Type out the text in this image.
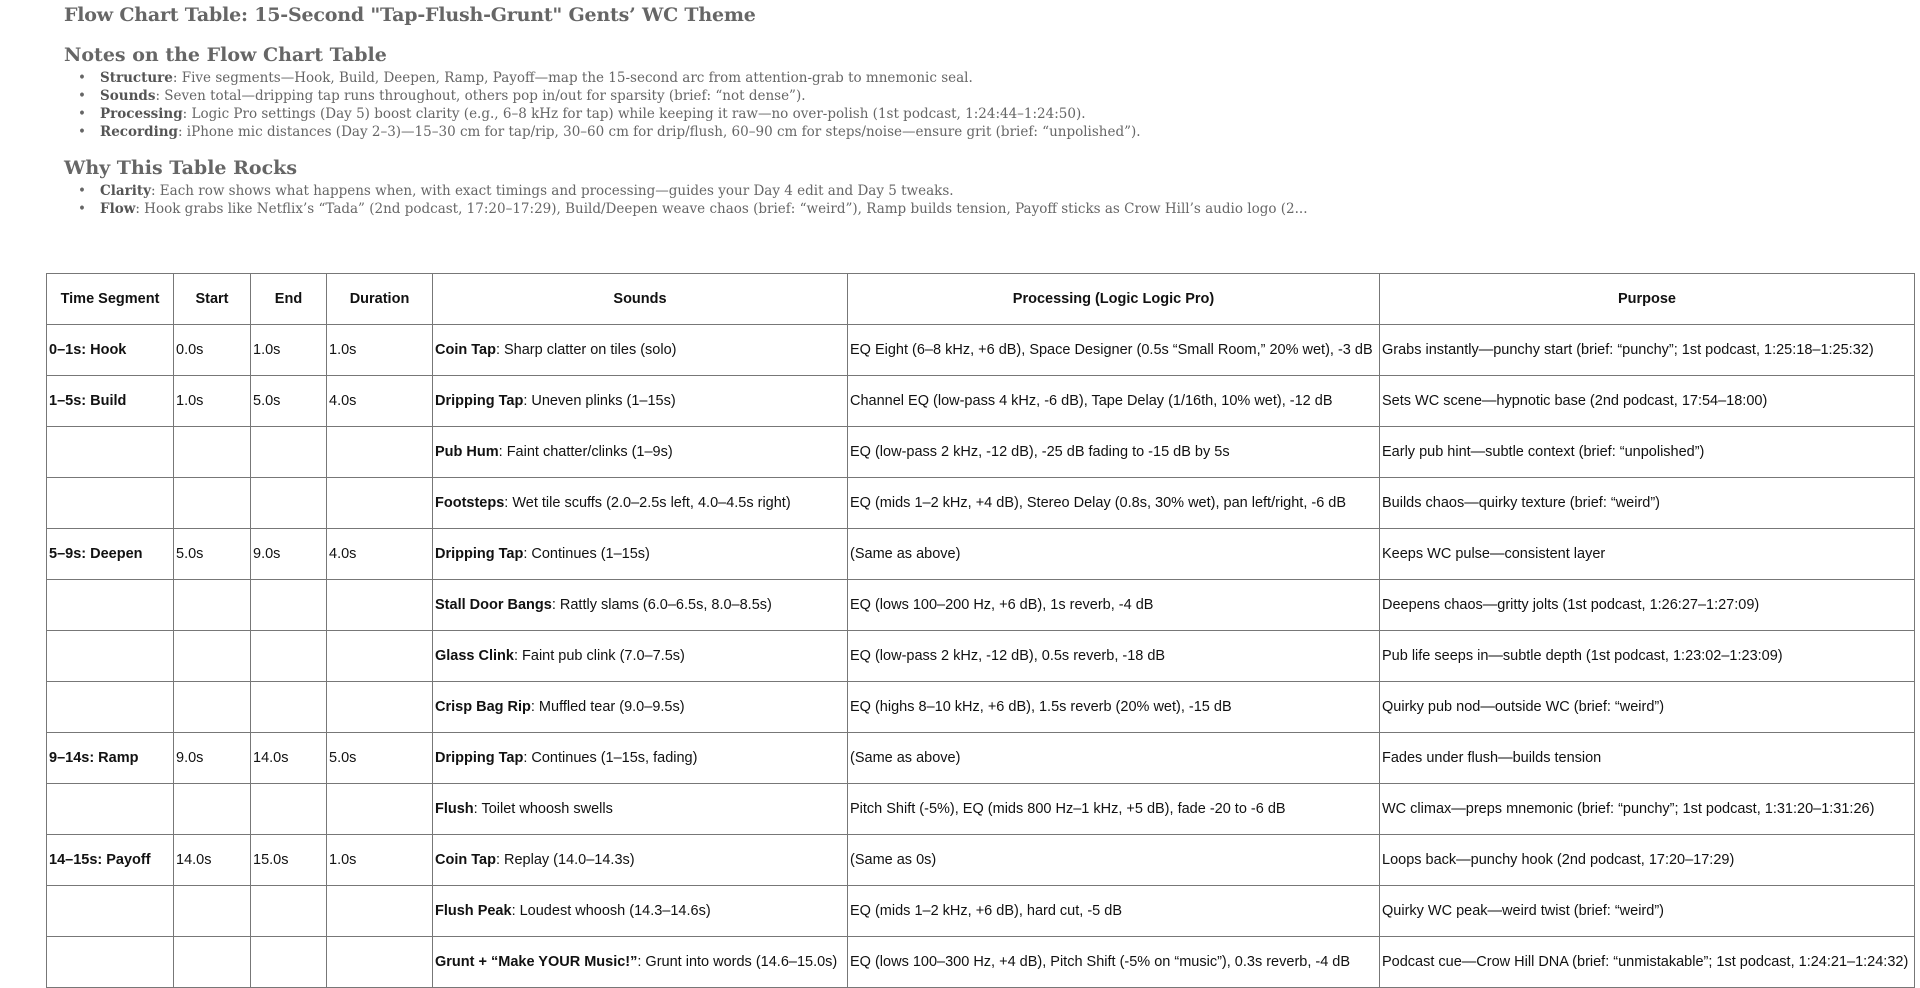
Flow Chart Table: 15-Second "Tap-Flush-Grunt" Gents’ WC Theme
Notes on the Flow Chart Table
• Structure: Five segments—Hook, Build, Deepen, Ramp, Payoff—map the 15-second arc from attention-grab to mnemonic seal.
• Sounds: Seven total—dripping tap runs throughout, others pop in/out for sparsity (brief: “not dense”).
• Processing: Logic Pro settings (Day 5) boost clarity (e.g., 6–8 kHz for tap) while keeping it raw—no over-polish (1st podcast, 1:24:44–1:24:50).
• Recording: iPhone mic distances (Day 2–3)—15–30 cm for tap/rip, 30–60 cm for drip/flush, 60–90 cm for steps/noise—ensure grit (brief: “unpolished”).
Why This Table Rocks
• Clarity: Each row shows what happens when, with exact timings and processing—guides your Day 4 edit and Day 5 tweaks.
• Flow: Hook grabs like Netflix’s “Tada” (2nd podcast, 17:20–17:29), Build/Deepen weave chaos (brief: “weird”), Ramp builds tension, Payoff sticks as Crow Hill’s audio logo (2...
Time Segment	Start	End	Duration	Sounds	Processing (Logic Logic Pro)	Purpose
0–1s: Hook	0.0s	1.0s	1.0s	Coin Tap: Sharp clatter on tiles (solo)	EQ Eight (6–8 kHz, +6 dB), Space Designer (0.5s “Small Room,” 20% wet), -3 dB	Grabs instantly—punchy start (brief: “punchy”; 1st podcast, 1:25:18–1:25:32)
1–5s: Build	1.0s	5.0s	4.0s	Dripping Tap: Uneven plinks (1–15s)	Channel EQ (low-pass 4 kHz, -6 dB), Tape Delay (1/16th, 10% wet), -12 dB	Sets WC scene—hypnotic base (2nd podcast, 17:54–18:00)
				Pub Hum: Faint chatter/clinks (1–9s)	EQ (low-pass 2 kHz, -12 dB), -25 dB fading to -15 dB by 5s	Early pub hint—subtle context (brief: “unpolished”)
				Footsteps: Wet tile scuffs (2.0–2.5s left, 4.0–4.5s right)	EQ (mids 1–2 kHz, +4 dB), Stereo Delay (0.8s, 30% wet), pan left/right, -6 dB	Builds chaos—quirky texture (brief: “weird”)
5–9s: Deepen	5.0s	9.0s	4.0s	Dripping Tap: Continues (1–15s)	(Same as above)	Keeps WC pulse—consistent layer
				Stall Door Bangs: Rattly slams (6.0–6.5s, 8.0–8.5s)	EQ (lows 100–200 Hz, +6 dB), 1s reverb, -4 dB	Deepens chaos—gritty jolts (1st podcast, 1:26:27–1:27:09)
				Glass Clink: Faint pub clink (7.0–7.5s)	EQ (low-pass 2 kHz, -12 dB), 0.5s reverb, -18 dB	Pub life seeps in—subtle depth (1st podcast, 1:23:02–1:23:09)
				Crisp Bag Rip: Muffled tear (9.0–9.5s)	EQ (highs 8–10 kHz, +6 dB), 1.5s reverb (20% wet), -15 dB	Quirky pub nod—outside WC (brief: “weird”)
9–14s: Ramp	9.0s	14.0s	5.0s	Dripping Tap: Continues (1–15s, fading)	(Same as above)	Fades under flush—builds tension
				Flush: Toilet whoosh swells	Pitch Shift (-5%), EQ (mids 800 Hz–1 kHz, +5 dB), fade -20 to -6 dB	WC climax—preps mnemonic (brief: “punchy”; 1st podcast, 1:31:20–1:31:26)
14–15s: Payoff	14.0s	15.0s	1.0s	Coin Tap: Replay (14.0–14.3s)	(Same as 0s)	Loops back—punchy hook (2nd podcast, 17:20–17:29)
				Flush Peak: Loudest whoosh (14.3–14.6s)	EQ (mids 1–2 kHz, +6 dB), hard cut, -5 dB	Quirky WC peak—weird twist (brief: “weird”)
				Grunt + “Make YOUR Music!”: Grunt into words (14.6–15.0s)	EQ (lows 100–300 Hz, +4 dB), Pitch Shift (-5% on “music”), 0.3s reverb, -4 dB	Podcast cue—Crow Hill DNA (brief: “unmistakable”; 1st podcast, 1:24:21–1:24:32)
